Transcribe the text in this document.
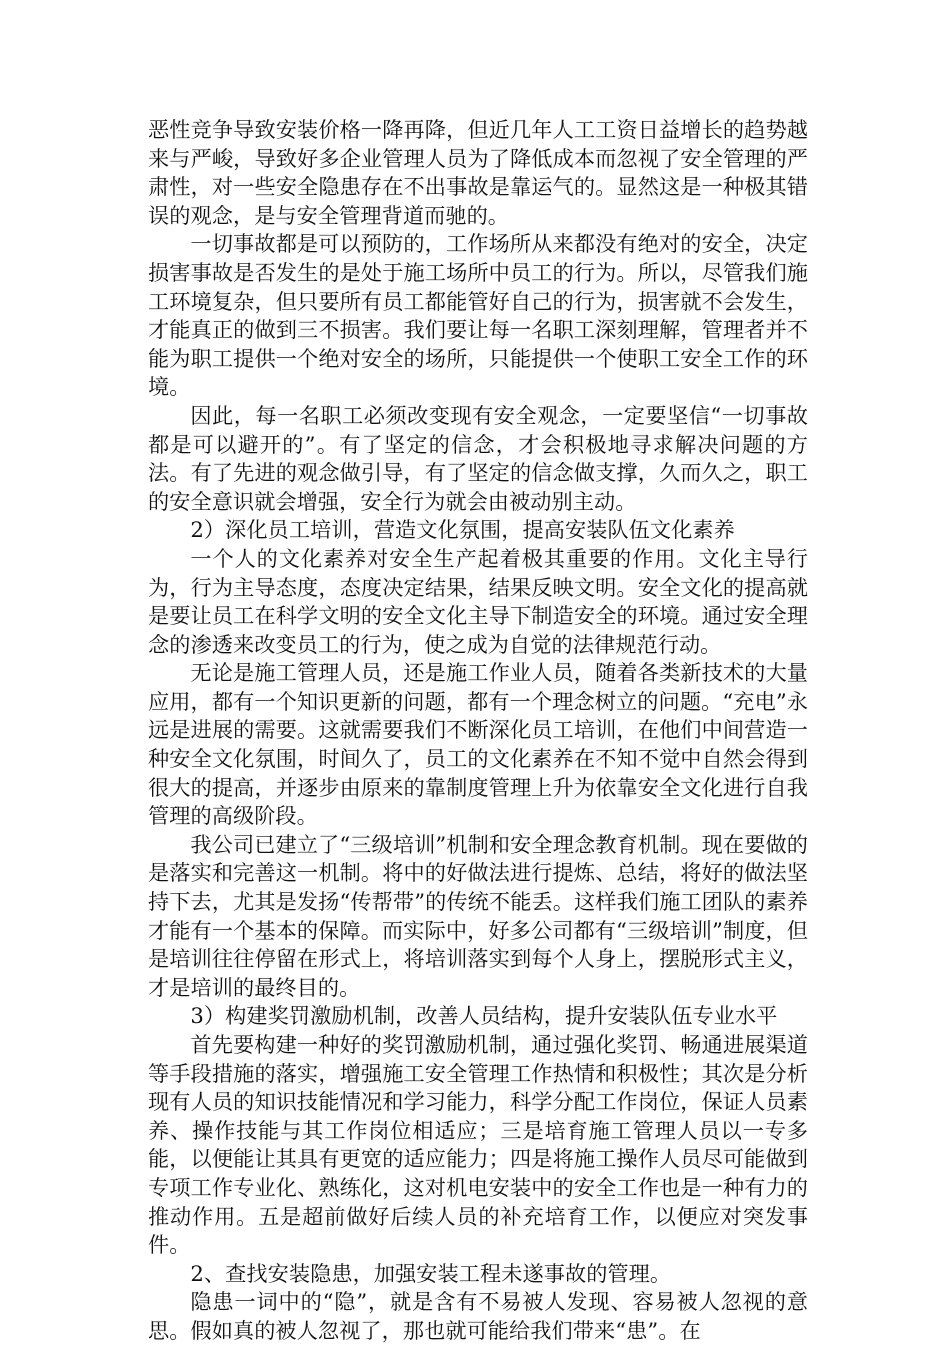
恶性竞争导致安装价格一降再降，但近几年人工工资日益增长的趋势越来与严峻，导致好多企业管理人员为了降低成本而忽视了安全管理的严肃性，对一些安全隐患存在不出事故是靠运气的。显然这是一种极其错误的观念，是与安全管理背道而驰的。

一切事故都是可以预防的，工作场所从来都没有绝对的安全，决定损害事故是否发生的是处于施工场所中员工的行为。所以，尽管我们施工环境复杂，但只要所有员工都能管好自己的行为，损害就不会发生，才能真正的做到三不损害。我们要让每一名职工深刻理解，管理者并不能为职工提供一个绝对安全的场所，只能提供一个使职工安全工作的环境。

因此，每一名职工必须改变现有安全观念，一定要坚信“一切事故都是可以避开的”。有了坚定的信念，才会积极地寻求解决问题的方法。有了先进的观念做引导，有了坚定的信念做支撑，久而久之，职工的安全意识就会增强，安全行为就会由被动别主动。

2）深化员工培训，营造文化氛围，提高安装队伍文化素养

一个人的文化素养对安全生产起着极其重要的作用。文化主导行为，行为主导态度，态度决定结果，结果反映文明。安全文化的提高就是要让员工在科学文明的安全文化主导下制造安全的环境。通过安全理念的渗透来改变员工的行为，使之成为自觉的法律规范行动。

无论是施工管理人员，还是施工作业人员，随着各类新技术的大量应用，都有一个知识更新的问题，都有一个理念树立的问题。“充电”永远是进展的需要。这就需要我们不断深化员工培训，在他们中间营造一种安全文化氛围，时间久了，员工的文化素养在不知不觉中自然会得到很大的提高，并逐步由原来的靠制度管理上升为依靠安全文化进行自我管理的高级阶段。

我公司已建立了“三级培训”机制和安全理念教育机制。现在要做的是落实和完善这一机制。将中的好做法进行提炼、总结，将好的做法坚持下去，尤其是发扬“传帮带”的传统不能丢。这样我们施工团队的素养才能有一个基本的保障。而实际中，好多公司都有“三级培训”制度，但是培训往往停留在形式上，将培训落实到每个人身上，摆脱形式主义，才是培训的最终目的。

3）构建奖罚激励机制，改善人员结构，提升安装队伍专业水平

首先要构建一种好的奖罚激励机制，通过强化奖罚、畅通进展渠道等手段措施的落实，增强施工安全管理工作热情和积极性；其次是分析现有人员的知识技能情况和学习能力，科学分配工作岗位，保证人员素养、操作技能与其工作岗位相适应；三是培育施工管理人员以一专多能，以便能让其具有更宽的适应能力；四是将施工操作人员尽可能做到专项工作专业化、熟练化，这对机电安装中的安全工作也是一种有力的推动作用。五是超前做好后续人员的补充培育工作，以便应对突发事件。

2、查找安装隐患，加强安装工程未遂事故的管理。

隐患一词中的“隐”，就是含有不易被人发现、容易被人忽视的意思。假如真的被人忽视了，那也就可能给我们带来“患”。在
